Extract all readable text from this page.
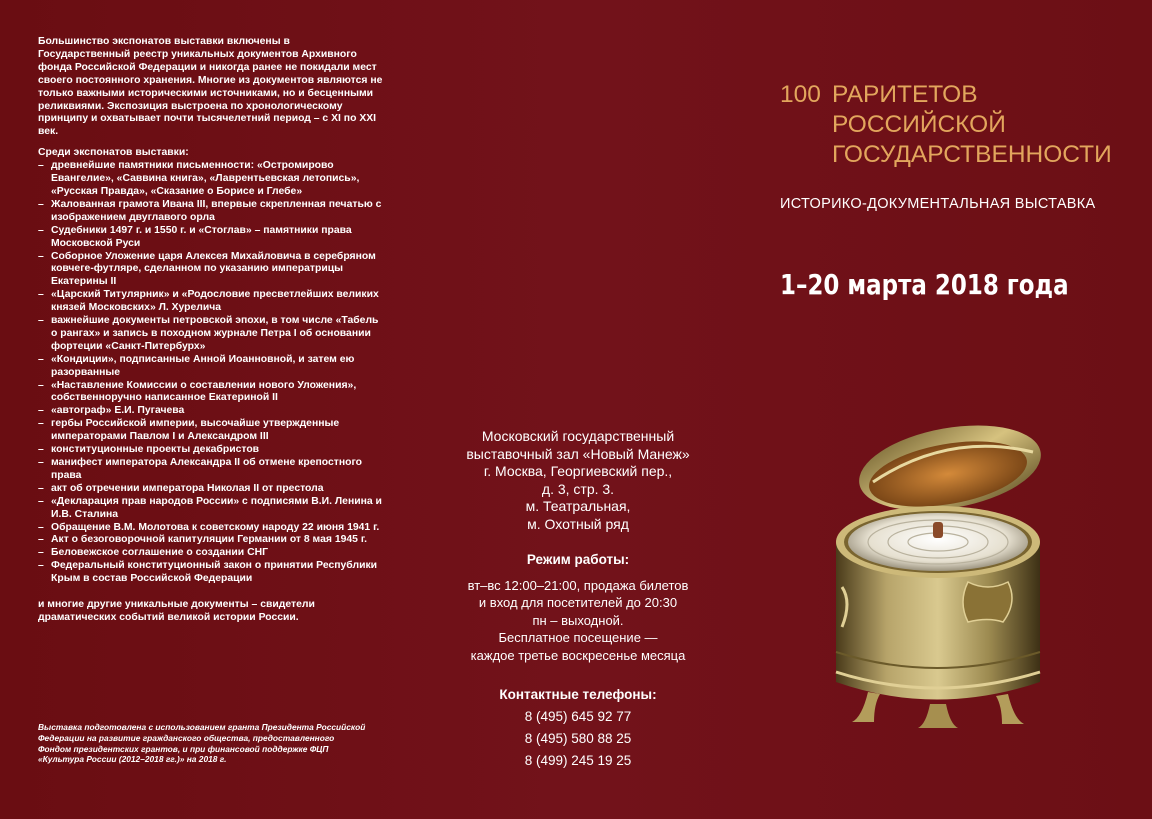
Большинство экспонатов выставки включены в Государственный реестр уникальных документов Архивного фонда Российской Федерации и никогда ранее не покидали мест своего постоянного хранения. Многие из документов являются не только важными историческими источниками, но и бесценными реликвиями. Экспозиция выстроена по хронологическому принципу и охватывает почти тысячелетний период – с XI по XXI век.

Среди экспонатов выставки:

– древнейшие памятники письменности: «Остромирово Евангелие», «Саввина книга», «Лаврентьевская летопись», «Русская Правда», «Сказание о Борисе и Глебе»
– Жалованная грамота Ивана III, впервые скрепленная печатью с изображением двуглавого орла
– Судебники 1497 г. и 1550 г. и «Стоглав» – памятники права Московской Руси
– Соборное Уложение царя Алексея Михайловича в серебряном ковчеге-футляре, сделанном по указанию императрицы Екатерины II
– «Царский Титулярник» и «Родословие пресветлейших великих князей Московских» Л. Хурелича
– важнейшие документы петровской эпохи, в том числе «Табель о рангах» и запись в походном журнале Петра I об основании фортеции «Санкт-Питербурх»
– «Кондиции», подписанные Анной Иоанновной, и затем ею разорванные
– «Наставление Комиссии о составлении нового Уложения», собственноручно написанное Екатериной II
– «автограф» Е.И. Пугачева
– гербы Российской империи, высочайше утвержденные императорами Павлом I и Александром III
– конституционные проекты декабристов
– манифест императора Александра II об отмене крепостного права
– акт об отречении императора Николая II от престола
– «Декларация прав народов России» с подписями В.И. Ленина и И.В. Сталина
– Обращение В.М. Молотова к советскому народу 22 июня 1941 г.
– Акт о безоговорочной капитуляции Германии от 8 мая 1945 г.
– Беловежское соглашение о создании СНГ
– Федеральный конституционный закон о принятии Республики Крым в состав Российской Федерации

и многие другие уникальные документы – свидетели драматических событий великой истории России.

Выставка подготовлена с использованием гранта Президента Российской Федерации на развитие гражданского общества, предоставленного Фондом президентских грантов, и при финансовой поддержке ФЦП «Культура России (2012–2018 гг.)» на 2018 г.
Московский государственный
выставочный зал «Новый Манеж»
г. Москва, Георгиевский пер.,
д. 3, стр. 3.
м. Театральная,
м. Охотный ряд
Режим работы:
вт–вс 12:00–21:00, продажа билетов
и вход для посетителей до 20:30
пн – выходной.
Бесплатное посещение —
каждое третье воскресенье месяца
Контактные телефоны:
8 (495) 645 92 77
8 (495) 580 88 25
8 (499) 245 19 25
100 РАРИТЕТОВ
РОССИЙСКОЙ
ГОСУДАРСТВЕННОСТИ
ИСТОРИКО-ДОКУМЕНТАЛЬНАЯ ВЫСТАВКА
1–20 марта 2018 года
